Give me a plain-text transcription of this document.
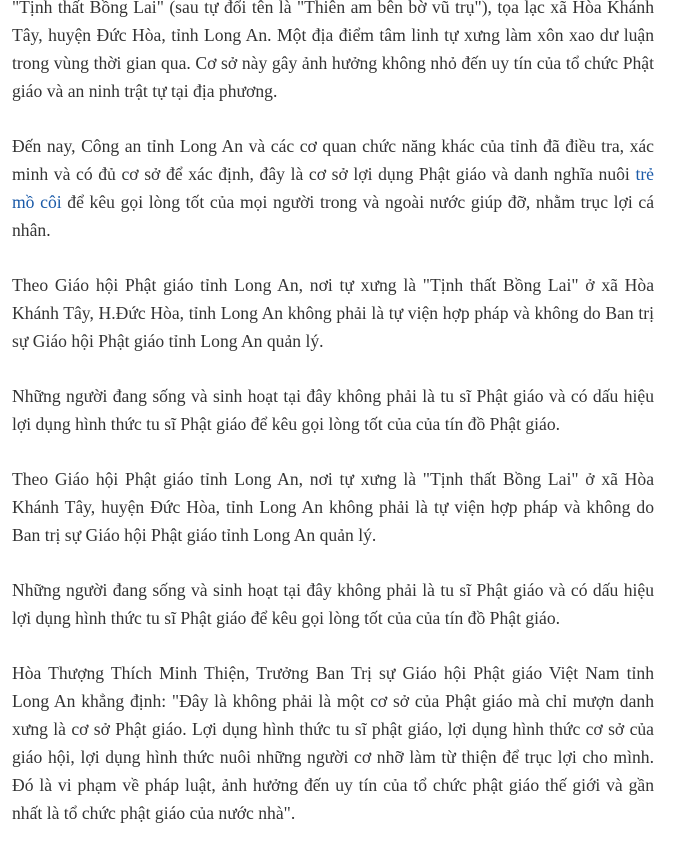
"Tịnh thất Bồng Lai" (sau tự đổi tên là "Thiên am bên bờ vũ trụ"), tọa lạc xã Hòa Khánh Tây, huyện Đức Hòa, tỉnh Long An. Một địa điểm tâm linh tự xưng làm xôn xao dư luận trong vùng thời gian qua. Cơ sở này gây ảnh hưởng không nhỏ đến uy tín của tổ chức Phật giáo và an ninh trật tự tại địa phương.

Đến nay, Công an tỉnh Long An và các cơ quan chức năng khác của tỉnh đã điều tra, xác minh và có đủ cơ sở để xác định, đây là cơ sở lợi dụng Phật giáo và danh nghĩa nuôi trẻ mồ côi để kêu gọi lòng tốt của mọi người trong và ngoài nước giúp đỡ, nhằm trục lợi cá nhân.

Theo Giáo hội Phật giáo tỉnh Long An, nơi tự xưng là "Tịnh thất Bồng Lai" ở xã Hòa Khánh Tây, H.Đức Hòa, tỉnh Long An không phải là tự viện hợp pháp và không do Ban trị sự Giáo hội Phật giáo tỉnh Long An quản lý.

Những người đang sống và sinh hoạt tại đây không phải là tu sĩ Phật giáo và có dấu hiệu lợi dụng hình thức tu sĩ Phật giáo để kêu gọi lòng tốt của của tín đồ Phật giáo.

Theo Giáo hội Phật giáo tỉnh Long An, nơi tự xưng là "Tịnh thất Bồng Lai" ở xã Hòa Khánh Tây, huyện Đức Hòa, tỉnh Long An không phải là tự viện hợp pháp và không do Ban trị sự Giáo hội Phật giáo tỉnh Long An quản lý.

Những người đang sống và sinh hoạt tại đây không phải là tu sĩ Phật giáo và có dấu hiệu lợi dụng hình thức tu sĩ Phật giáo để kêu gọi lòng tốt của của tín đồ Phật giáo.

Hòa Thượng Thích Minh Thiện, Trưởng Ban Trị sự Giáo hội Phật giáo Việt Nam tỉnh Long An khẳng định: "Đây là không phải là một cơ sở của Phật giáo mà chỉ mượn danh xưng là cơ sở Phật giáo. Lợi dụng hình thức tu sĩ phật giáo, lợi dụng hình thức cơ sở của giáo hội, lợi dụng hình thức nuôi những người cơ nhỡ làm từ thiện để trục lợi cho mình. Đó là vi phạm về pháp luật, ảnh hưởng đến uy tín của tổ chức phật giáo thế giới và gần nhất là tổ chức phật giáo của nước nhà".
